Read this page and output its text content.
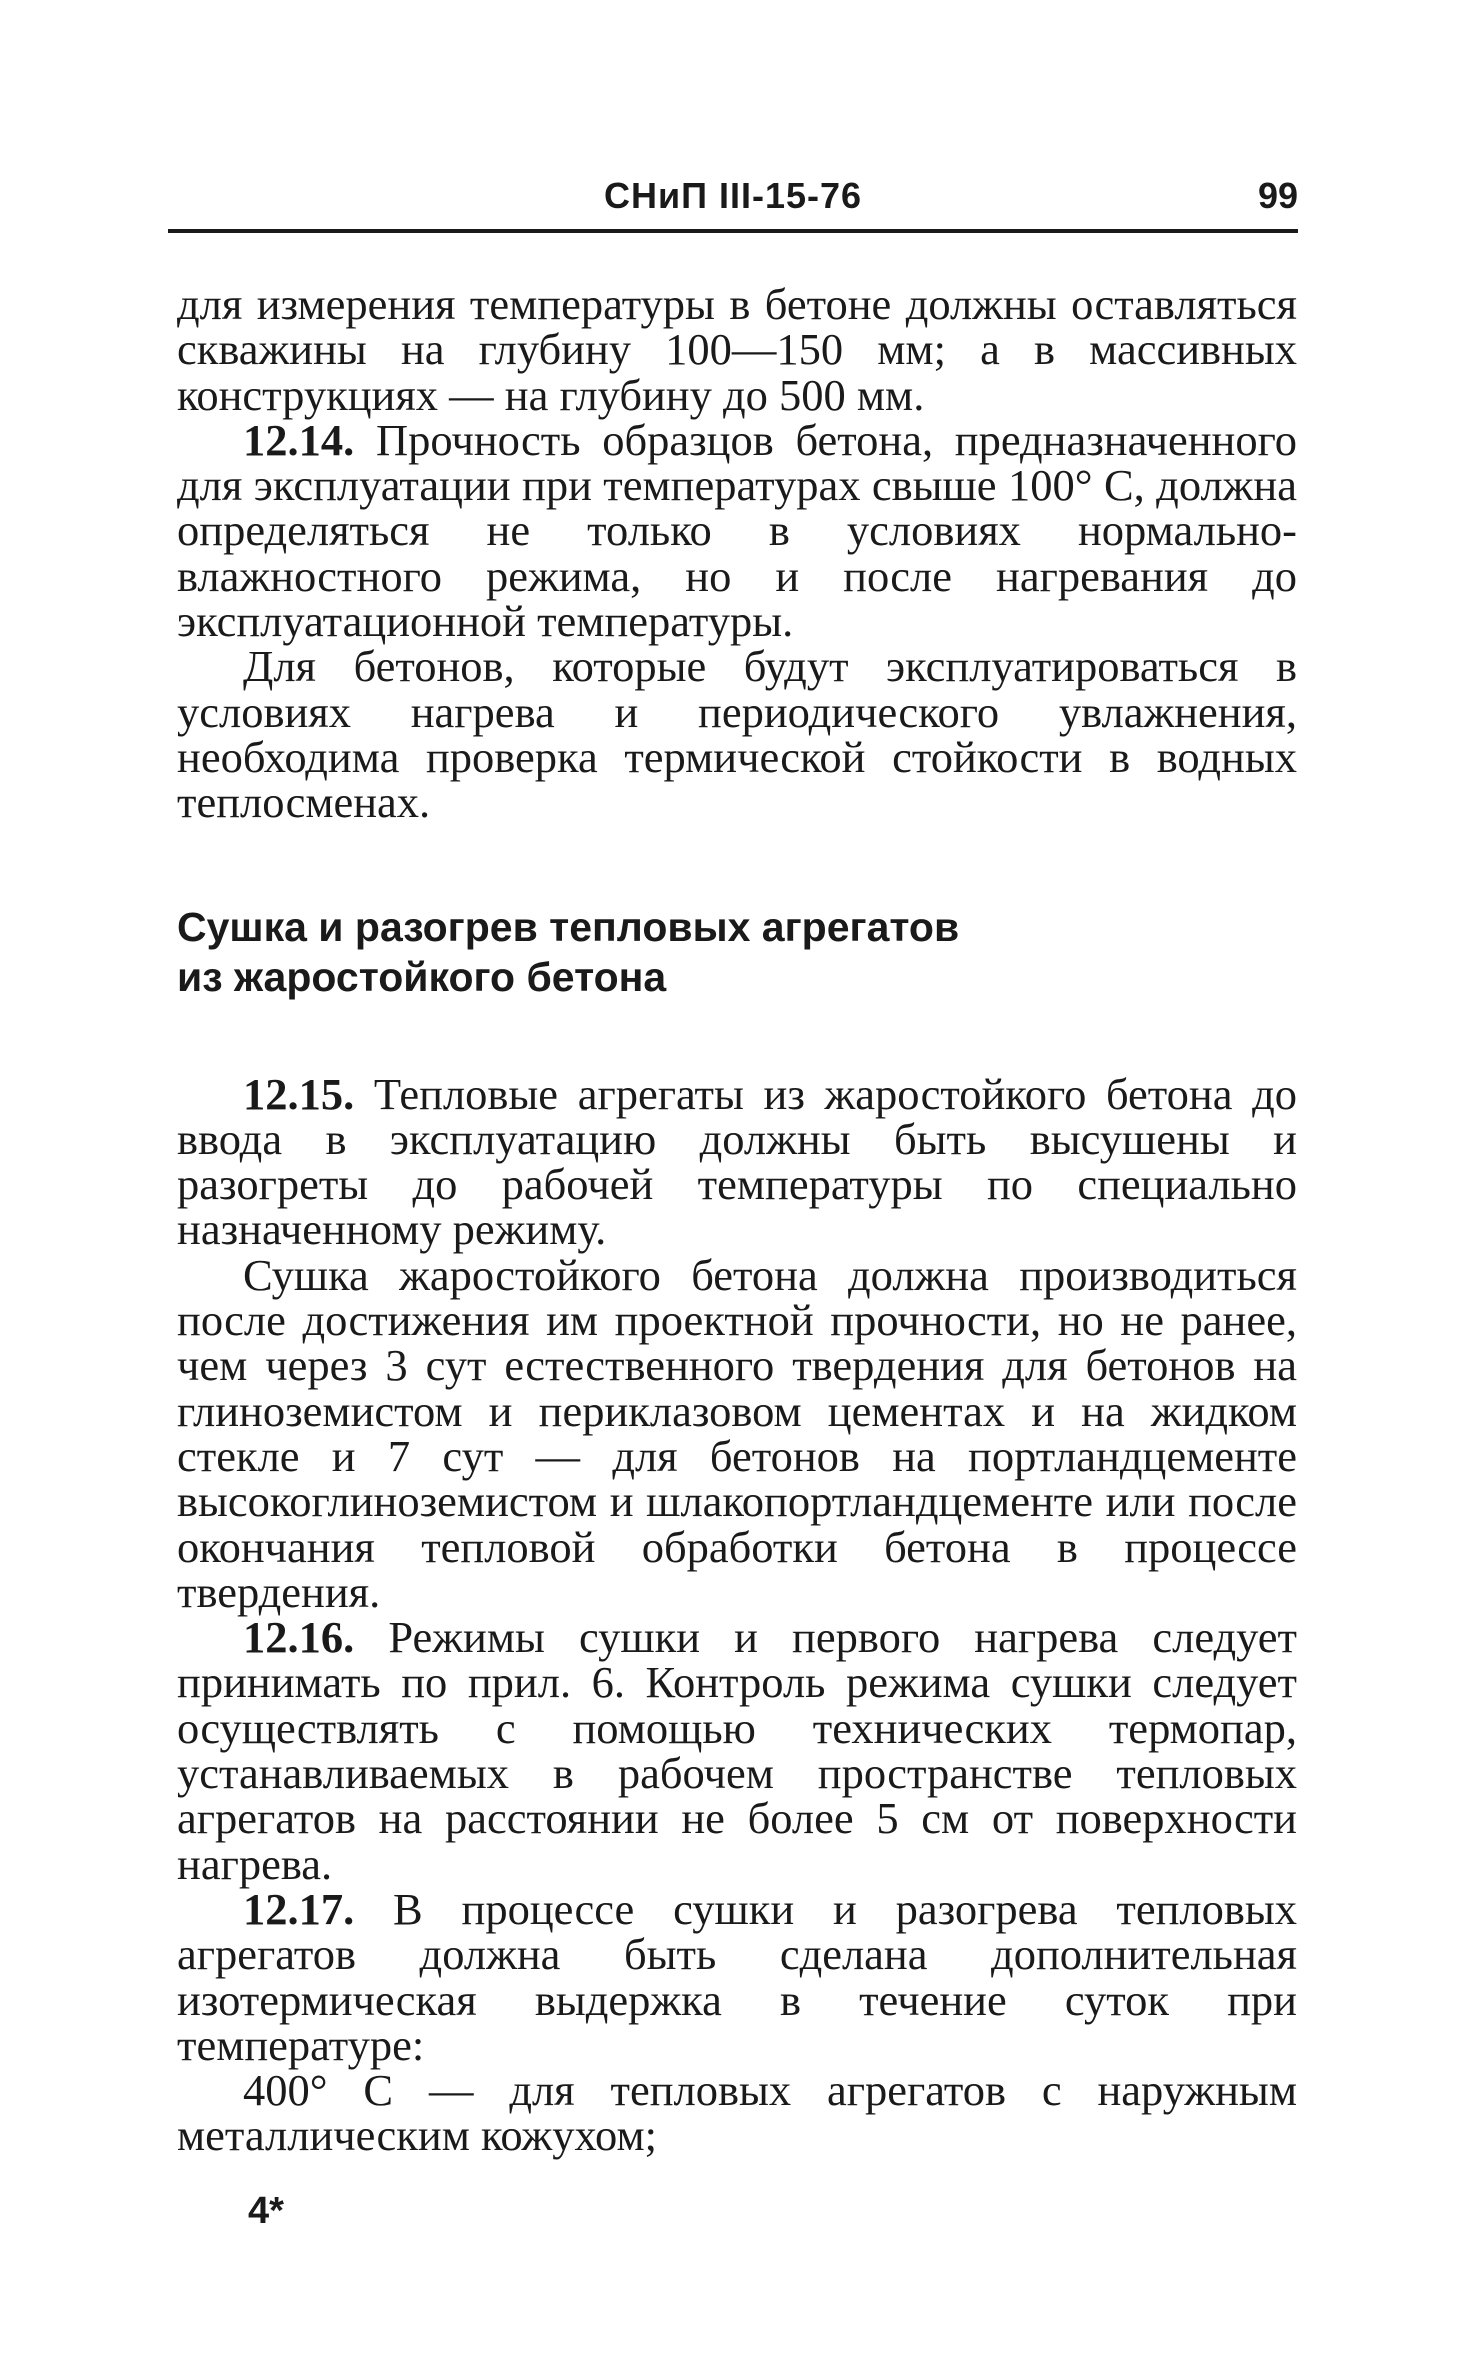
СНиП III-15-76	99

для измерения температуры в бетоне должны оставляться скважины на глубину 100—150 мм; а в массивных конструкциях — на глубину до 500 мм.

12.14. Прочность образцов бетона, предназначенного для эксплуатации при температурах свыше 100° С, должна определяться не только в условиях нормально-влажностного режима, но и после нагревания до эксплуатационной температуры.

Для бетонов, которые будут эксплуатироваться в условиях нагрева и периодического увлажнения, необходима проверка термической стойкости в водных теплосменах.

Сушка и разогрев тепловых агрегатов из жаростойкого бетона

12.15. Тепловые агрегаты из жаростойкого бетона до ввода в эксплуатацию должны быть высушены и разогреты до рабочей температуры по специально назначенному режиму.

Сушка жаростойкого бетона должна производиться после достижения им проектной прочности, но не ранее, чем через 3 сут естественного твердения для бетонов на глиноземистом и периклазовом цементах и на жидком стекле и 7 сут — для бетонов на портландцементе высокоглиноземистом и шлакопортландцементе или после окончания тепловой обработки бетона в процессе твердения.

12.16. Режимы сушки и первого нагрева следует принимать по прил. 6. Контроль режима сушки следует осуществлять с помощью технических термопар, устанавливаемых в рабочем пространстве тепловых агрегатов на расстоянии не более 5 см от поверхности нагрева.

12.17. В процессе сушки и разогрева тепловых агрегатов должна быть сделана дополнительная изотермическая выдержка в течение суток при температуре:

400° С — для тепловых агрегатов с наружным металлическим кожухом;

4*
